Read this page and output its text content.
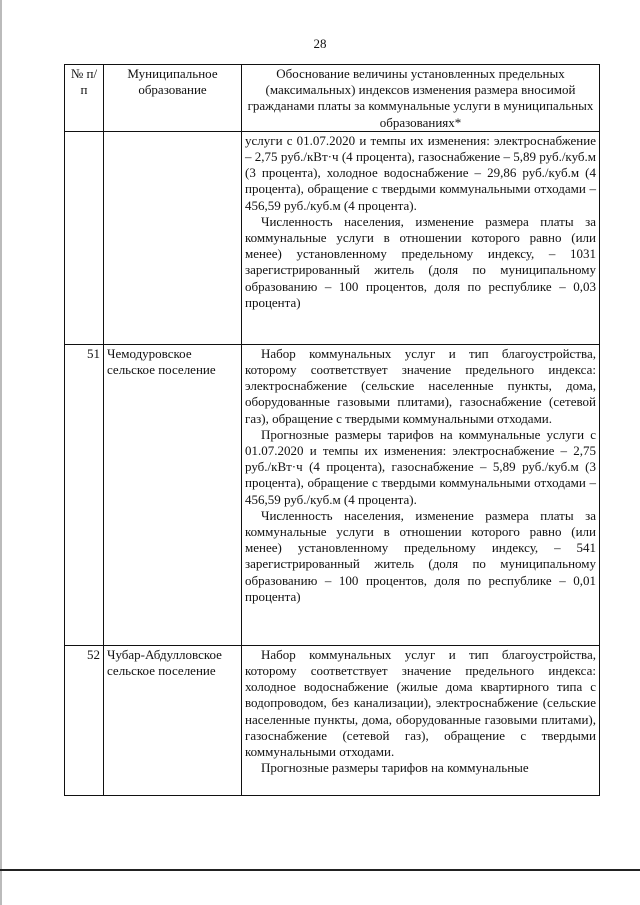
28
№ п/п	Муниципальное образование	Обоснование величины установленных предельных (максимальных) индексов изменения размера вносимой гражданами платы за коммунальные услуги в муниципальных образованиях*

		услуги с 01.07.2020 и темпы их изменения: электроснабжение – 2,75 руб./кВт·ч (4 процента), газоснабжение – 5,89 руб./куб.м (3 процента), холодное водоснабжение – 29,86 руб./куб.м (4 процента), обращение с твердыми коммунальными отходами – 456,59 руб./куб.м (4 процента).

Численность населения, изменение размера платы за коммунальные услуги в отношении которого равно (или менее) установленному предельному индексу, – 1031 зарегистрированный житель (доля по муниципальному образованию – 100 процентов, доля по республике – 0,03 процента)

51	Чемодуровское сельское поселение	Набор коммунальных услуг и тип благоустройства, которому соответствует значение предельного индекса: электроснабжение (сельские населенные пункты, дома, оборудованные газовыми плитами), газоснабжение (сетевой газ), обращение с твердыми коммунальными отходами.

Прогнозные размеры тарифов на коммунальные услуги с 01.07.2020 и темпы их изменения: электроснабжение – 2,75 руб./кВт·ч (4 процента), газоснабжение – 5,89 руб./куб.м (3 процента), обращение с твердыми коммунальными отходами – 456,59 руб./куб.м (4 процента).

Численность населения, изменение размера платы за коммунальные услуги в отношении которого равно (или менее) установленному предельному индексу, – 541 зарегистрированный житель (доля по муниципальному образованию – 100 процентов, доля по республике – 0,01 процента)

52	Чубар-Абдулловское сельское поселение	Набор коммунальных услуг и тип благоустройства, которому соответствует значение предельного индекса: холодное водоснабжение (жилые дома квартирного типа с водопроводом, без канализации), электроснабжение (сельские населенные пункты, дома, оборудованные газовыми плитами), газоснабжение (сетевой газ), обращение с твердыми коммунальными отходами.

Прогнозные размеры тарифов на коммунальные
